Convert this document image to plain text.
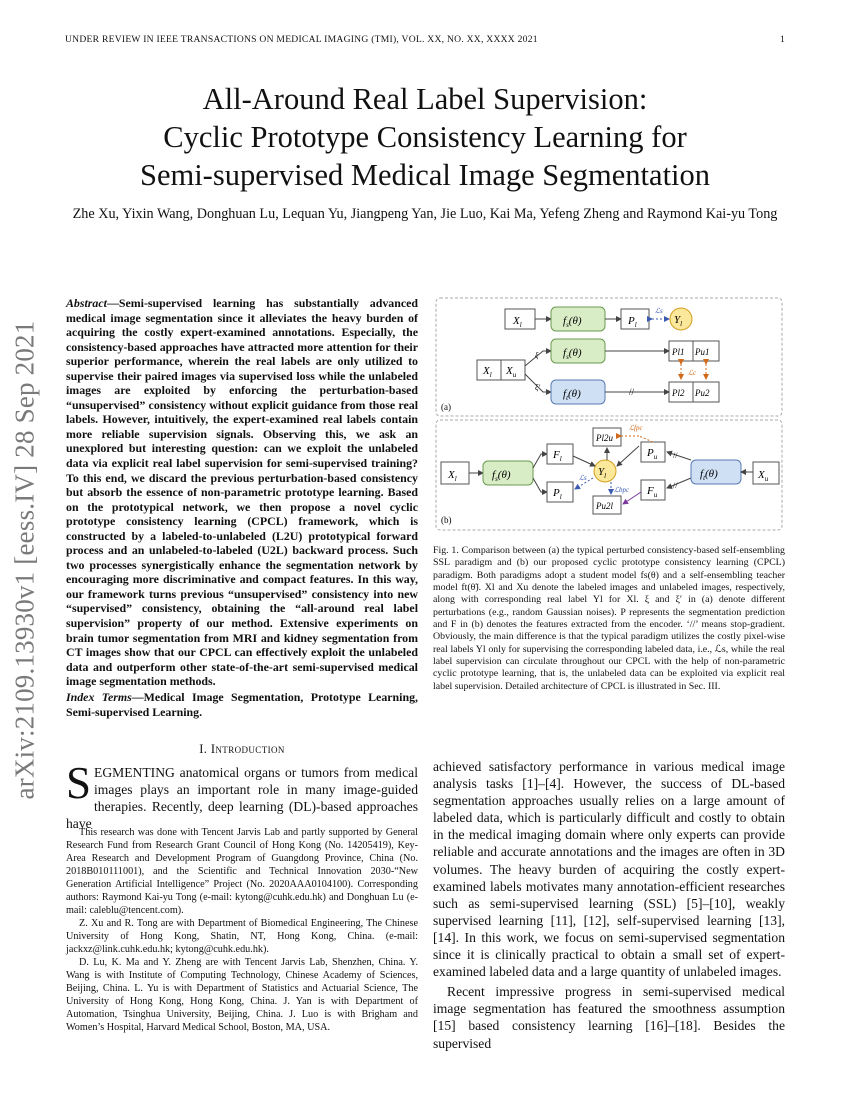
UNDER REVIEW IN IEEE TRANSACTIONS ON MEDICAL IMAGING (TMI), VOL. XX, NO. XX, XXXX 2021	1
All-Around Real Label Supervision:
Cyclic Prototype Consistency Learning for
Semi-supervised Medical Image Segmentation
Zhe Xu, Yixin Wang, Donghuan Lu, Lequan Yu, Jiangpeng Yan, Jie Luo, Kai Ma, Yefeng Zheng and Raymond Kai-yu Tong
arXiv:2109.13930v1 [eess.IV] 28 Sep 2021
Abstract—Semi-supervised learning has substantially advanced medical image segmentation since it alleviates the heavy burden of acquiring the costly expert-examined annotations. Especially, the consistency-based approaches have attracted more attention for their superior performance, wherein the real labels are only utilized to supervise their paired images via supervised loss while the unlabeled images are exploited by enforcing the perturbation-based “unsupervised” consistency without explicit guidance from those real labels. However, intuitively, the expert-examined real labels contain more reliable supervision signals. Observing this, we ask an unexplored but interesting question: can we exploit the unlabeled data via explicit real label supervision for semi-supervised training? To this end, we discard the previous perturbation-based consistency but absorb the essence of non-parametric prototype learning. Based on the prototypical network, we then propose a novel cyclic prototype consistency learning (CPCL) framework, which is constructed by a labeled-to-unlabeled (L2U) prototypical forward process and an unlabeled-to-labeled (U2L) backward process. Such two processes synergistically enhance the segmentation network by encouraging more discriminative and compact features. In this way, our framework turns previous “unsupervised” consistency into new “supervised” consistency, obtaining the “all-around real label supervision” property of our method. Extensive experiments on brain tumor segmentation from MRI and kidney segmentation from CT images show that our CPCL can effectively exploit the unlabeled data and outperform other state-of-the-art semi-supervised medical image segmentation methods.
Index Terms—Medical Image Segmentation, Prototype Learning, Semi-supervised Learning.
I. Introduction
SEGMENTING anatomical organs or tumors from medical images plays an important role in many image-guided therapies. Recently, deep learning (DL)-based approaches have

This research was done with Tencent Jarvis Lab and partly supported by General Research Fund from Research Grant Council of Hong Kong (No. 14205419), Key-Area Research and Development Program of Guangdong Province, China (No. 2018B010111001), and the Scientific and Technical Innovation 2030-“New Generation Artificial Intelligence” Project (No. 2020AAA0104100). Corresponding authors: Raymond Kai-yu Tong (e-mail: kytong@cuhk.edu.hk) and Donghuan Lu (e-mail: caleblu@tencent.com).

Z. Xu and R. Tong are with Department of Biomedical Engineering, The Chinese University of Hong Kong, Shatin, NT, Hong Kong, China. (e-mail: jackxz@link.cuhk.edu.hk; kytong@cuhk.edu.hk).

D. Lu, K. Ma and Y. Zheng are with Tencent Jarvis Lab, Shenzhen, China. Y. Wang is with Institute of Computing Technology, Chinese Academy of Sciences, Beijing, China. L. Yu is with Department of Statistics and Actuarial Science, The University of Hong Kong, Hong Kong, China. J. Yan is with Department of Automation, Tsinghua University, Beijing, China. J. Luo is with Brigham and Women’s Hospital, Harvard Medical School, Boston, MA, USA.

(a)
(b)
$X_l$	$f_s(\theta)$	$P_l$
ℒs
$Y_l$
$X_l$ $X_u$
ξ
ξ′
$f_s(\theta)$
$f_t(\theta)$	//
Pl1 Pu1
Pl2 Pu2
ℒc
$X_l$	$f_s(\theta)$
$F_l$
$P_l$
$Y_l$
Pl2u
Pu2l
ℒs
ℒbpc
ℒfpc
$P_u$
$F_u$
//
//
$f_t(\theta)$	$X_u$
Fig. 1. Comparison between (a) the typical perturbed consistency-based self-ensembling SSL paradigm and (b) our proposed cyclic prototype consistency learning (CPCL) paradigm. Both paradigms adopt a student model fs(θ) and a self-ensembling teacher model ft(θ̃). Xl and Xu denote the labeled images and unlabeled images, respectively, along with corresponding real label Yl for Xl. ξ and ξ′ in (a) denote different perturbations (e.g., random Gaussian noises). P represents the segmentation prediction and F in (b) denotes the features extracted from the encoder. ‘//’ means stop-gradient. Obviously, the main difference is that the typical paradigm utilizes the costly pixel-wise real labels Yl only for supervising the corresponding labeled data, i.e., ℒs, while the real label supervision can circulate throughout our CPCL with the help of non-parametric cyclic prototype learning, that is, the unlabeled data can be exploited via explicit real label supervision. Detailed architecture of CPCL is illustrated in Sec. III.

achieved satisfactory performance in various medical image analysis tasks [1]–[4]. However, the success of DL-based segmentation approaches usually relies on a large amount of labeled data, which is particularly difficult and costly to obtain in the medical imaging domain where only experts can provide reliable and accurate annotations and the images are often in 3D volumes. The heavy burden of acquiring the costly expert-examined labels motivates many annotation-efficient researches such as semi-supervised learning (SSL) [5]–[10], weakly supervised learning [11], [12], self-supervised learning [13], [14]. In this work, we focus on semi-supervised segmentation since it is clinically practical to obtain a small set of expert-examined labeled data and a large quantity of unlabeled images.

Recent impressive progress in semi-supervised medical image segmentation has featured the smoothness assumption [15] based consistency learning [16]–[18]. Besides the supervised
